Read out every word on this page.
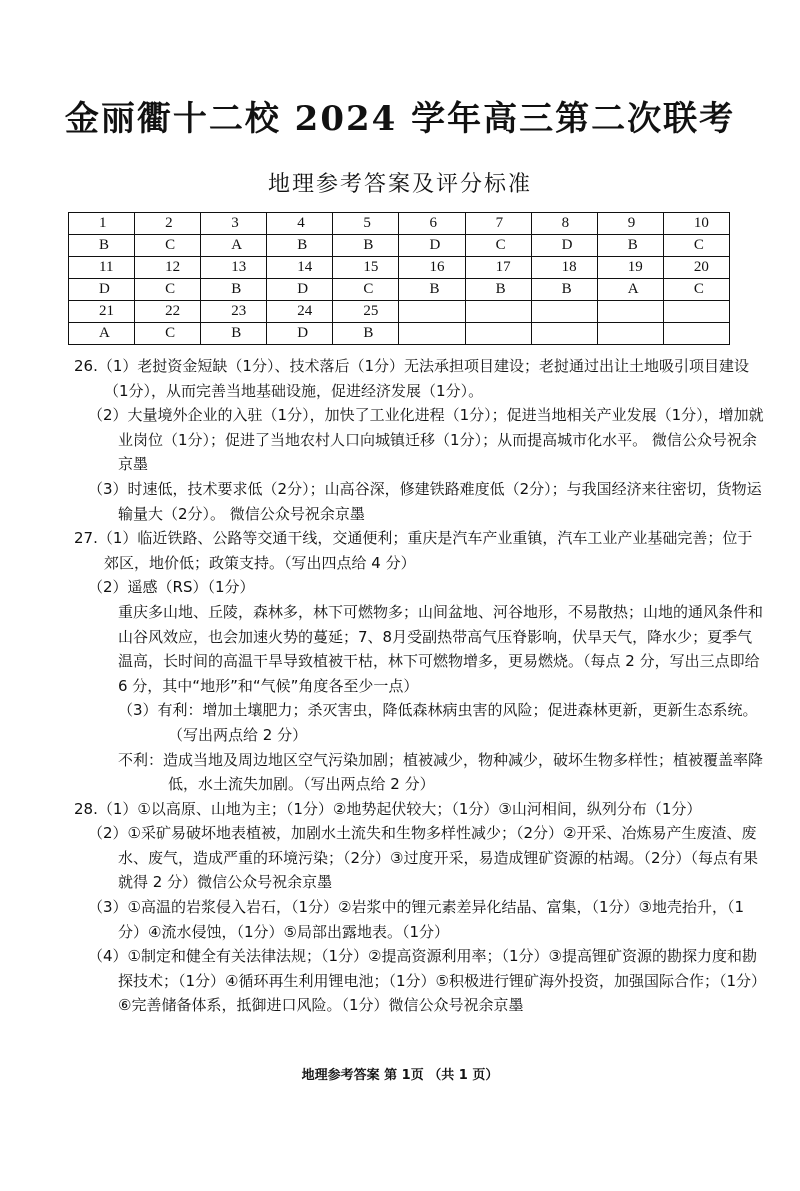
金丽衢十二校 2024 学年高三第二次联考
地理参考答案及评分标准
1	2	3	4	5	6	7	8	9	10
B	C	A	B	B	D	C	D	B	C
11	12	13	14	15	16	17	18	19	20
D	C	B	D	C	B	B	B	A	C
21	22	23	24	25					
A	C	B	D	B					

26.（1）老挝资金短缺（1分）、技术落后（1分）无法承担项目建设；老挝通过出让土地吸引项目建设（1分），从而完善当地基础设施，促进经济发展（1分）。

（2）大量境外企业的入驻（1分），加快了工业化进程（1分）；促进当地相关产业发展（1分），增加就业岗位（1分）；促进了当地农村人口向城镇迁移（1分）；从而提高城市化水平。 微信公众号祝余京墨

（3）时速低，技术要求低（2分）；山高谷深，修建铁路难度低（2分）；与我国经济来往密切，货物运输量大（2分）。 微信公众号祝余京墨

27.（1）临近铁路、公路等交通干线，交通便利；重庆是汽车产业重镇，汽车工业产业基础完善；位于郊区，地价低；政策支持。（写出四点给 4 分）

（2）遥感（RS）（1分）

重庆多山地、丘陵，森林多，林下可燃物多；山间盆地、河谷地形，不易散热；山地的通风条件和山谷风效应，也会加速火势的蔓延；7、8月受副热带高气压脊影响，伏旱天气，降水少；夏季气温高，长时间的高温干旱导致植被干枯，林下可燃物增多，更易燃烧。（每点 2 分，写出三点即给 6 分，其中“地形”和“气候”角度各至少一点）

（3）有利：增加土壤肥力；杀灭害虫，降低森林病虫害的风险；促进森林更新，更新生态系统。（写出两点给 2 分）

不利：造成当地及周边地区空气污染加剧；植被减少，物种减少，破坏生物多样性；植被覆盖率降低，水土流失加剧。（写出两点给 2 分）

28.（1）①以高原、山地为主；（1分）②地势起伏较大；（1分）③山河相间，纵列分布（1分）

（2）①采矿易破坏地表植被，加剧水土流失和生物多样性减少；（2分）②开采、冶炼易产生废渣、废水、废气，造成严重的环境污染；（2分）③过度开采，易造成锂矿资源的枯竭。（2分）（每点有果就得 2 分）微信公众号祝余京墨

（3）①高温的岩浆侵入岩石，（1分）②岩浆中的锂元素差异化结晶、富集，（1分）③地壳抬升，（1分）④流水侵蚀，（1分）⑤局部出露地表。（1分）

（4）①制定和健全有关法律法规；（1分）②提高资源利用率；（1分）③提高锂矿资源的勘探力度和勘探技术；（1分）④循环再生利用锂电池；（1分）⑤积极进行锂矿海外投资，加强国际合作；（1分）⑥完善储备体系，抵御进口风险。（1分）微信公众号祝余京墨

地理参考答案 第 1页 （共 1 页）
